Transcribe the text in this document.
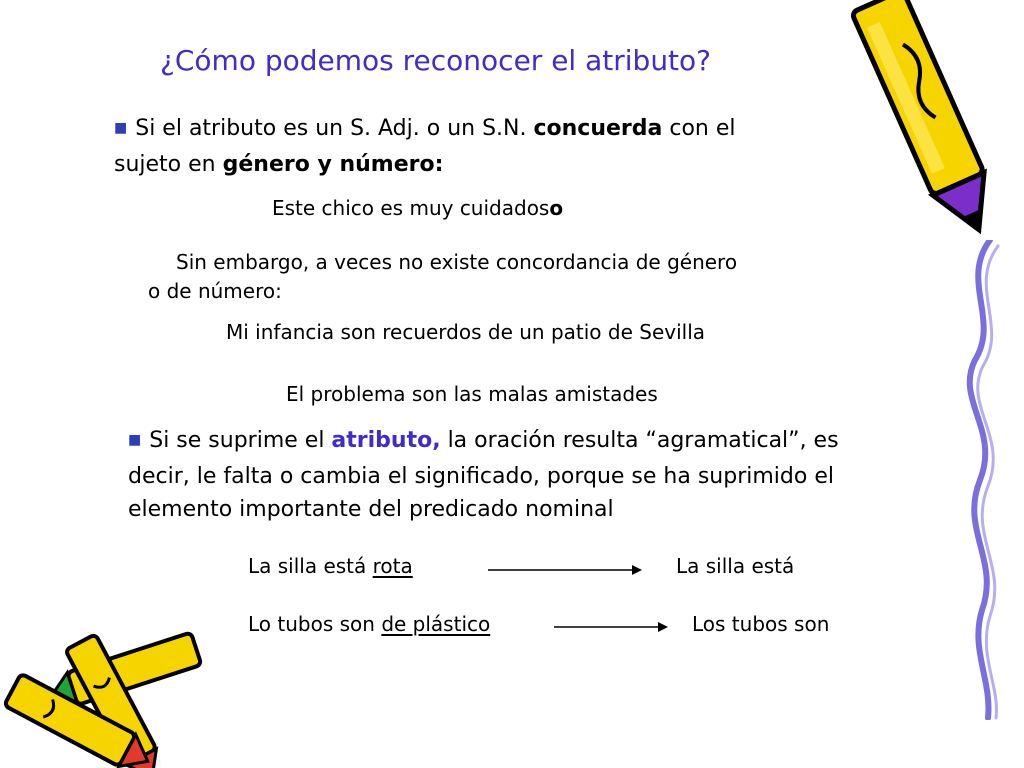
¿Cómo podemos reconocer el atributo?
■ Si el atributo es un S. Adj. o un S.N. concuerda con el
sujeto en género y número:
Este chico es muy cuidadoso
Sin embargo, a veces no existe concordancia de género
o de número:
Mi infancia son recuerdos de un patio de Sevilla
El problema son las malas amistades
■ Si se suprime el atributo, la oración resulta “agramatical”, es
decir, le falta o cambia el significado, porque se ha suprimido el
elemento importante del predicado nominal
La silla está rota	La silla está
Lo tubos son de plástico	Los tubos son
